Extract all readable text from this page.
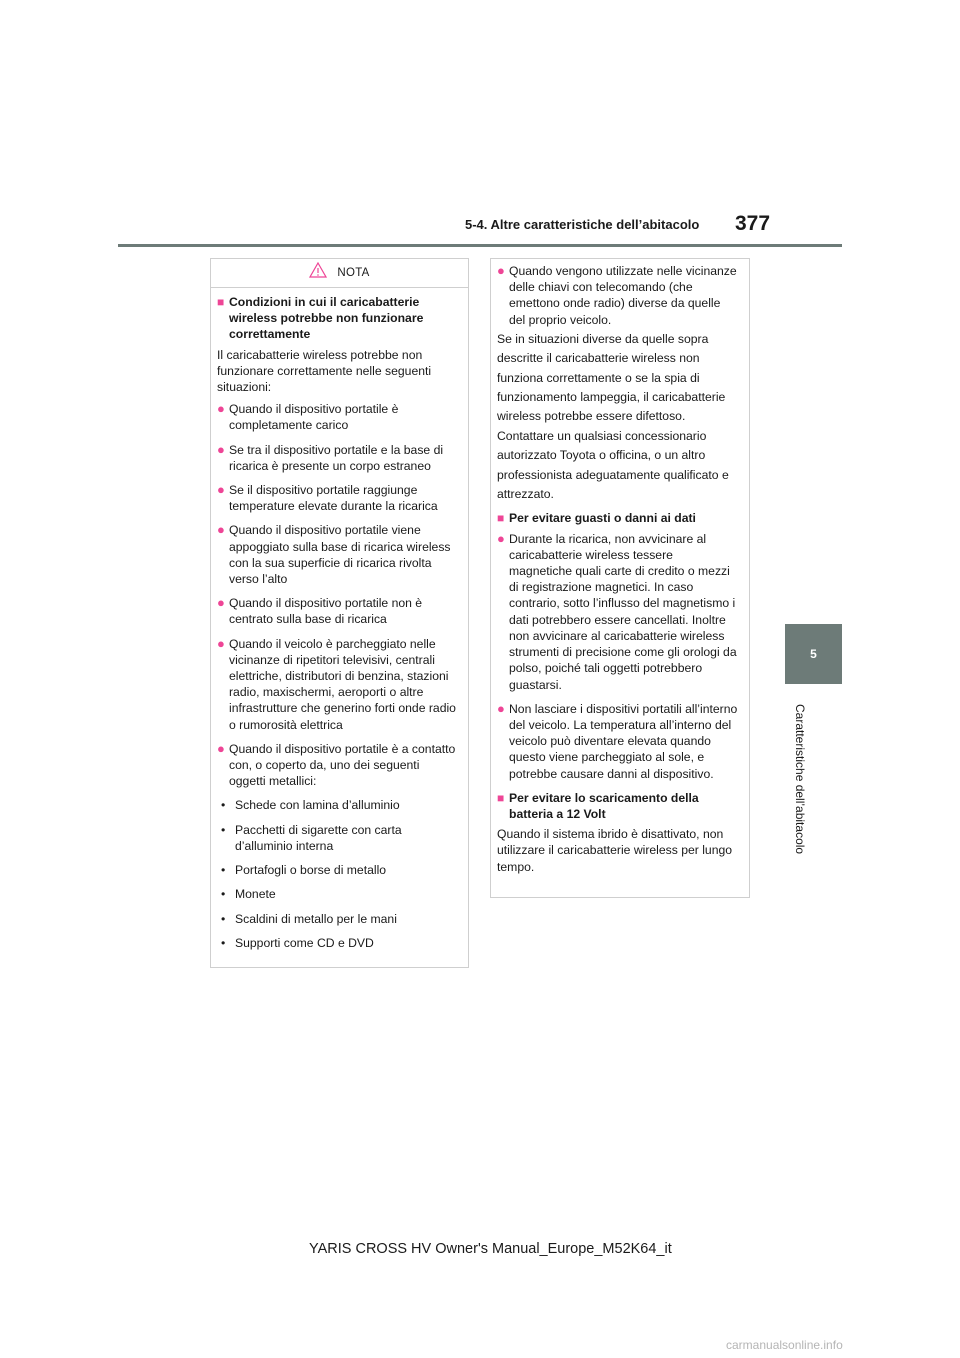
5-4. Altre caratteristiche dell’abitacolo 377
5
Caratteristiche dell’abitacolo
NOTA
■ Condizioni in cui il caricabatterie wireless potrebbe non funzionare correttamente
Il caricabatterie wireless potrebbe non funzionare correttamente nelle seguenti situazioni:
● Quando il dispositivo portatile è completamente carico
● Se tra il dispositivo portatile e la base di ricarica è presente un corpo estraneo
● Se il dispositivo portatile raggiunge temperature elevate durante la ricarica
● Quando il dispositivo portatile viene appoggiato sulla base di ricarica wireless con la sua superficie di ricarica rivolta verso l’alto
● Quando il dispositivo portatile non è centrato sulla base di ricarica
● Quando il veicolo è parcheggiato nelle vicinanze di ripetitori televisivi, centrali elettriche, distributori di benzina, stazioni radio, maxischermi, aeroporti o altre infrastrutture che generino forti onde radio o rumorosità elettrica
● Quando il dispositivo portatile è a contatto con, o coperto da, uno dei seguenti oggetti metallici:
• Schede con lamina d’alluminio
• Pacchetti di sigarette con carta d’alluminio interna
• Portafogli o borse di metallo
• Monete
• Scaldini di metallo per le mani
• Supporti come CD e DVD
● Quando vengono utilizzate nelle vicinanze delle chiavi con telecomando (che emettono onde radio) diverse da quelle del proprio veicolo.
Se in situazioni diverse da quelle sopra descritte il caricabatterie wireless non funziona correttamente o se la spia di funzionamento lampeggia, il caricabatterie wireless potrebbe essere difettoso. Contattare un qualsiasi concessionario autorizzato Toyota o officina, o un altro professionista adeguatamente qualificato e attrezzato.
■ Per evitare guasti o danni ai dati
● Durante la ricarica, non avvicinare al caricabatterie wireless tessere magnetiche quali carte di credito o mezzi di registrazione magnetici. In caso contrario, sotto l’influsso del magnetismo i dati potrebbero essere cancellati. Inoltre non avvicinare al caricabatterie wireless strumenti di precisione come gli orologi da polso, poiché tali oggetti potrebbero guastarsi.
● Non lasciare i dispositivi portatili all’interno del veicolo. La temperatura all’interno del veicolo può diventare elevata quando questo viene parcheggiato al sole, e potrebbe causare danni al dispositivo.
■ Per evitare lo scaricamento della batteria a 12 Volt
Quando il sistema ibrido è disattivato, non utilizzare il caricabatterie wireless per lungo tempo.
YARIS CROSS HV Owner's Manual_Europe_M52K64_it
carmanualsonline.info
